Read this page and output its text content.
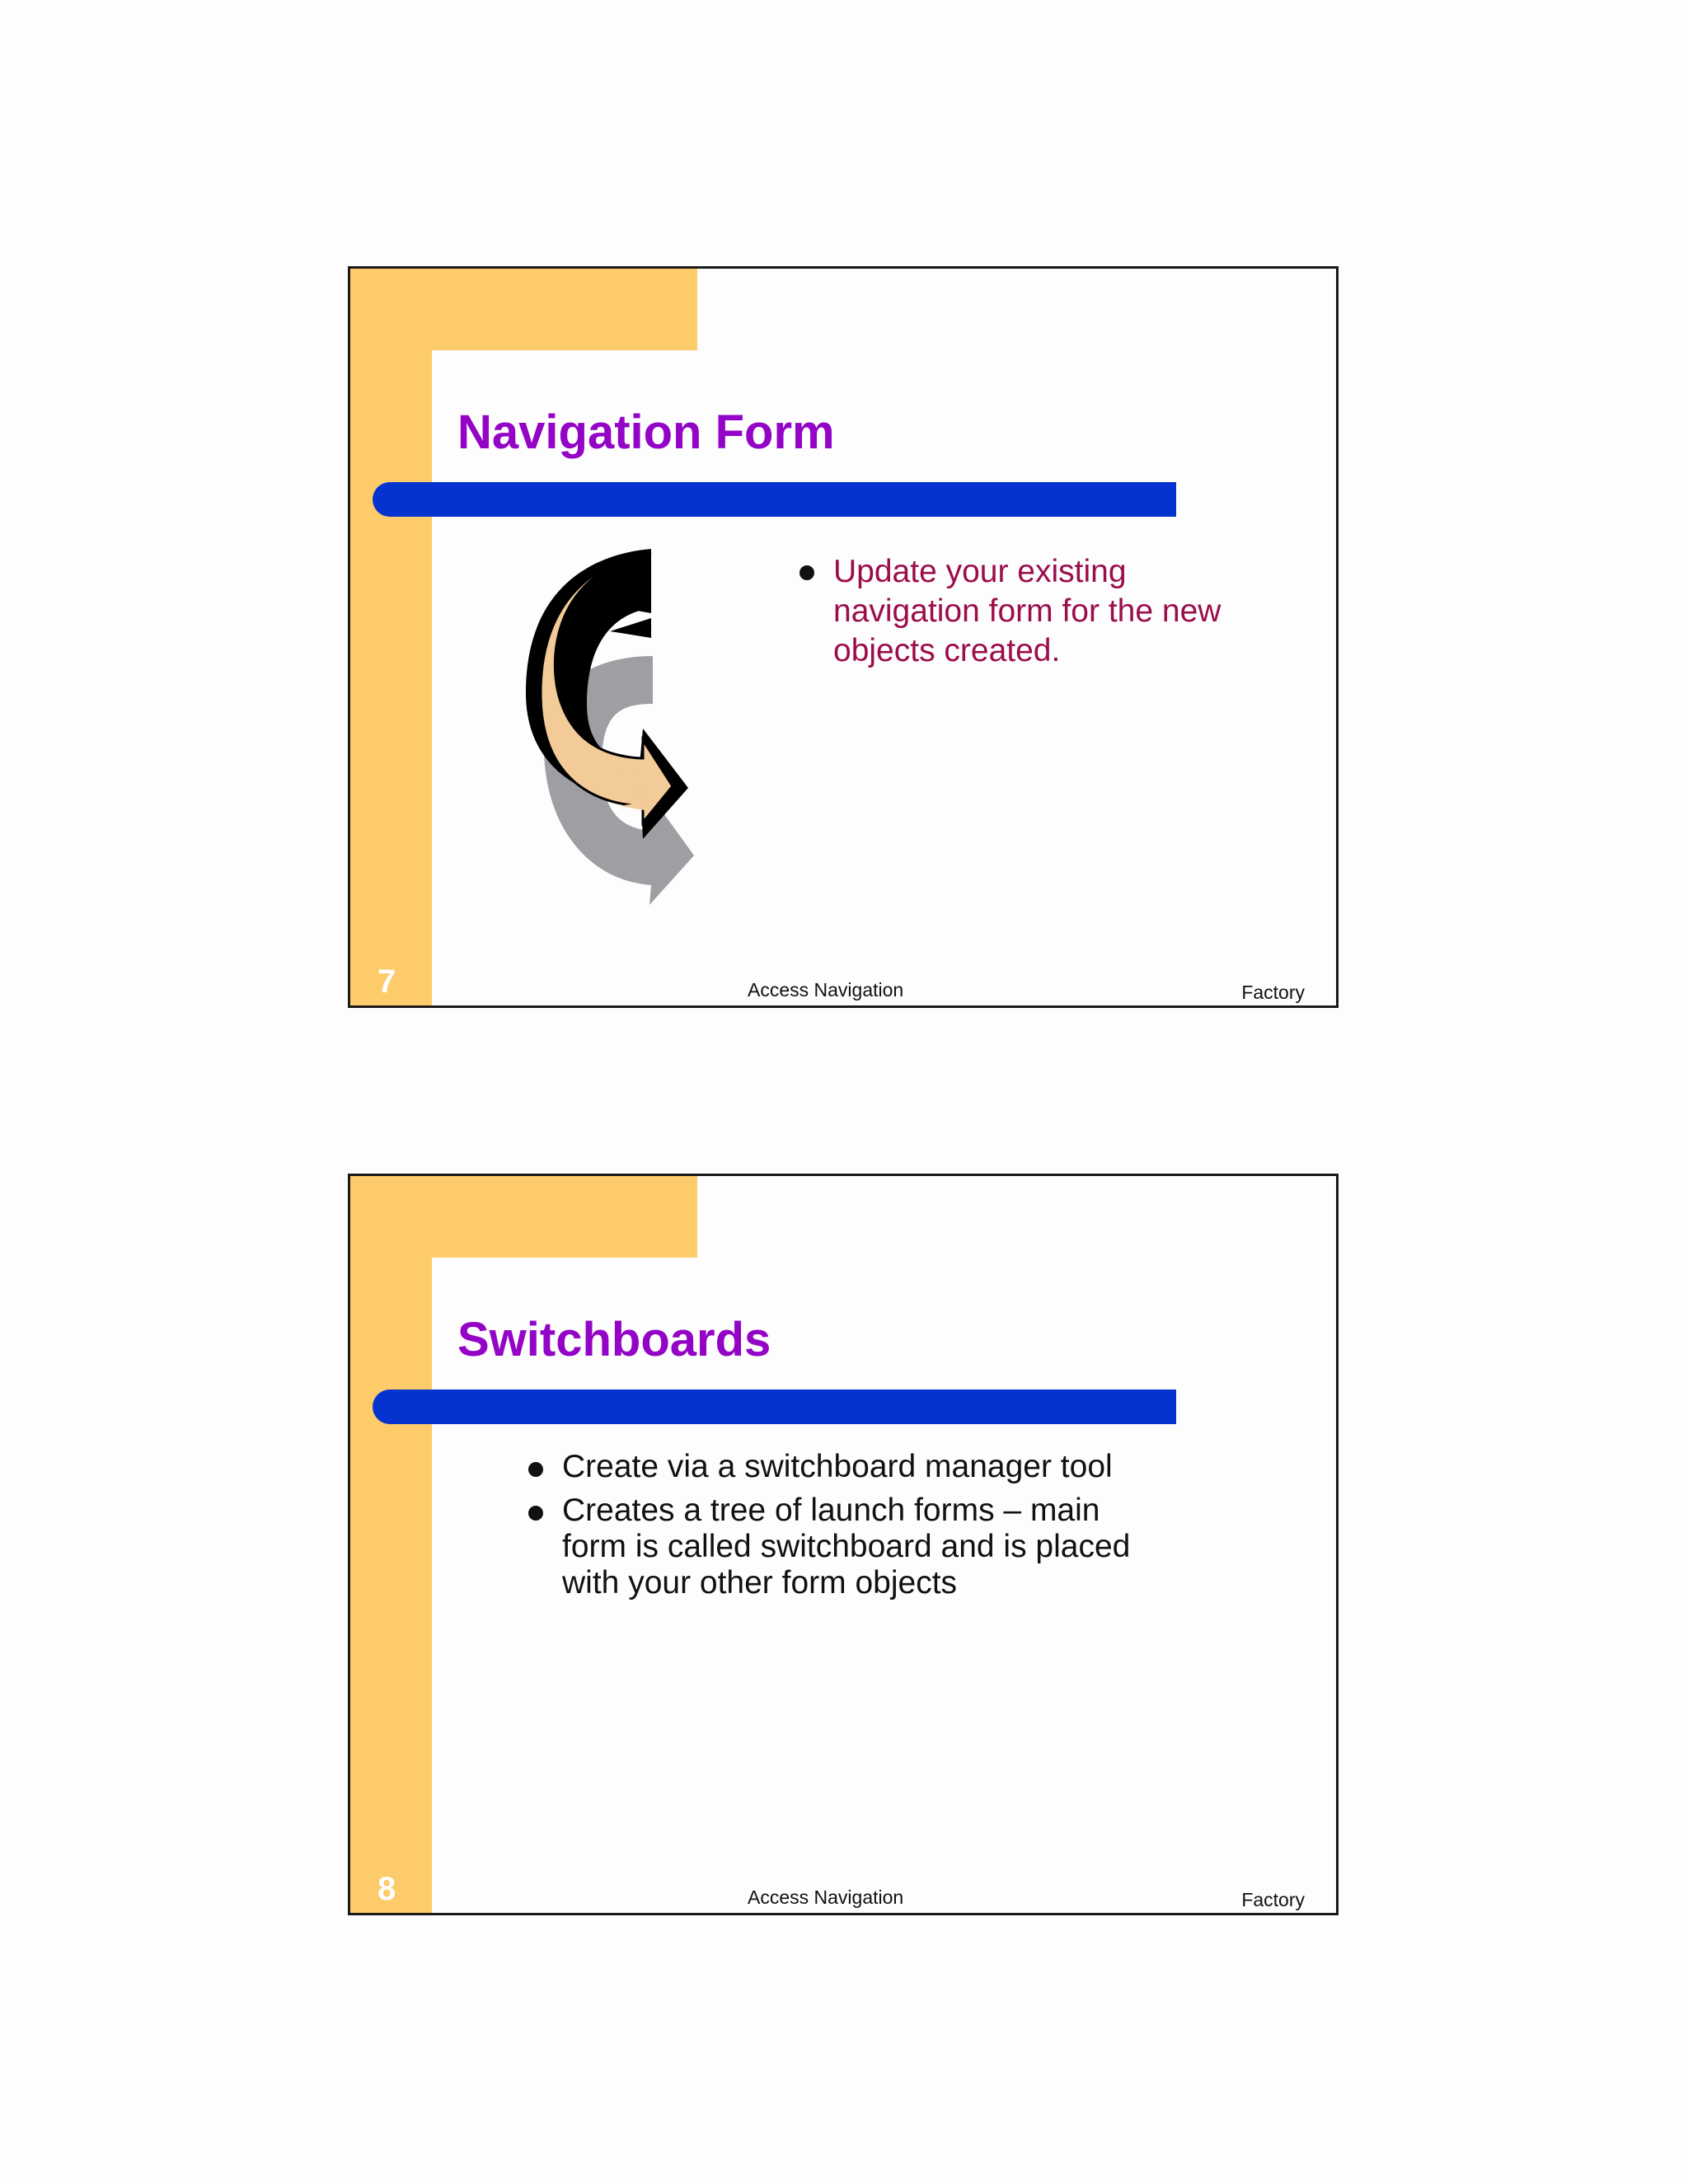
Navigation Form
Update your existing navigation form for the new objects created.
7	Access Navigation	Factory
Switchboards
Create via a switchboard manager tool
Creates a tree of launch forms – main form is called switchboard and is placed with your other form objects
8	Access Navigation	Factory
